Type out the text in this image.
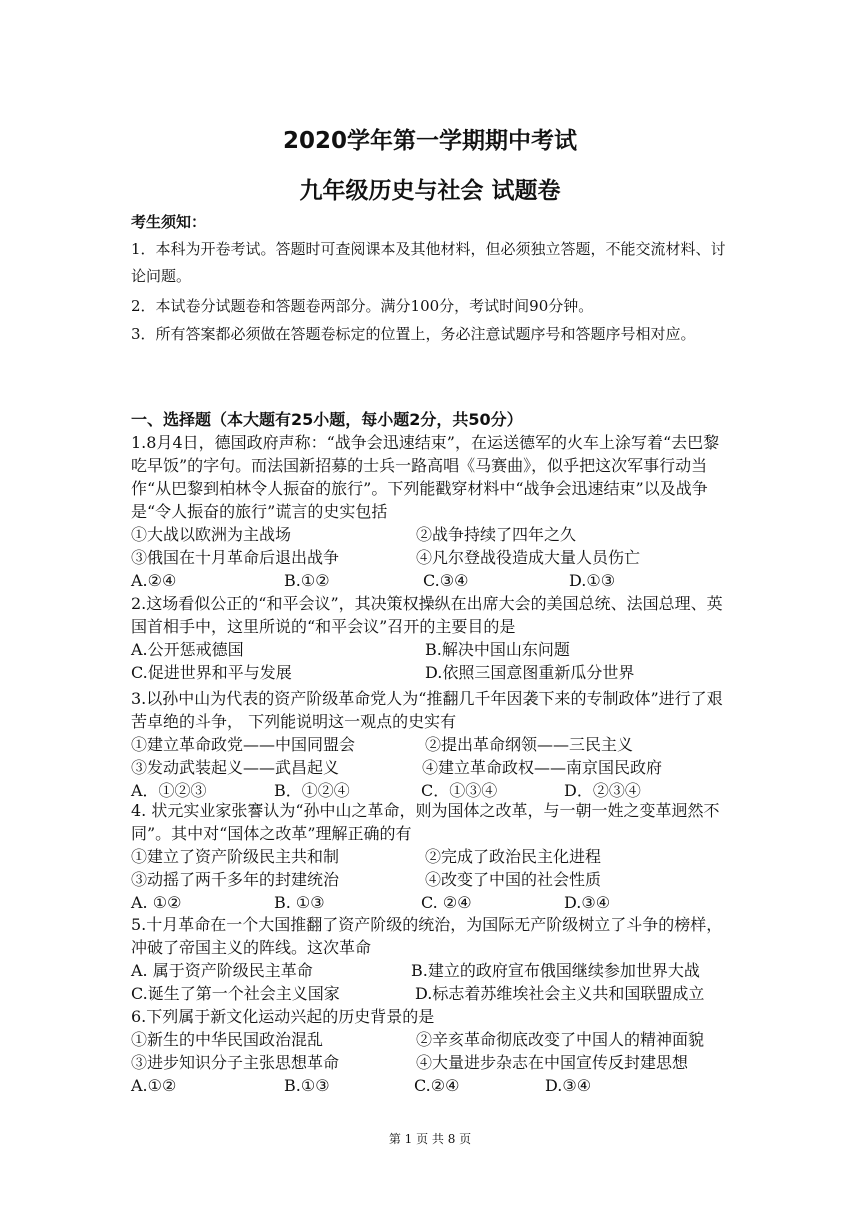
2020学年第一学期期中考试
九年级历史与社会 试题卷
考生须知：
1．本科为开卷考试。答题时可查阅课本及其他材料，但必须独立答题，不能交流材料、讨论问题。
2．本试卷分试题卷和答题卷两部分。满分100分，考试时间90分钟。
3．所有答案都必须做在答题卷标定的位置上，务必注意试题序号和答题序号相对应。
一、选择题（本大题有25小题，每小题2分，共50分）
1.8月4日，德国政府声称：“战争会迅速结束”，在运送德军的火车上涂写着“去巴黎吃早饭”的字句。而法国新招募的士兵一路高唱《马赛曲》，似乎把这次军事行动当作“从巴黎到柏林令人振奋的旅行”。下列能戳穿材料中“战争会迅速结束”以及战争是“令人振奋的旅行”谎言的史实包括
①大战以欧洲为主战场	②战争持续了四年之久
③俄国在十月革命后退出战争	④凡尔登战役造成大量人员伤亡
A.②④	B.①②	C.③④	D.①③
2.这场看似公正的“和平会议”，其决策权操纵在出席大会的美国总统、法国总理、英国首相手中，这里所说的“和平会议”召开的主要目的是
A.公开惩戒德国	B.解决中国山东问题
C.促进世界和平与发展	D.依照三国意图重新瓜分世界
3.以孙中山为代表的资产阶级革命党人为“推翻几千年因袭下来的专制政体”进行了艰苦卓绝的斗争， 下列能说明这一观点的史实有
①建立革命政党——中国同盟会	②提出革命纲领——三民主义
③发动武装起义——武昌起义	④建立革命政权——南京国民政府
A．①②③	B．①②④	C．①③④	D．②③④
4. 状元实业家张謇认为“孙中山之革命，则为国体之改革，与一朝一姓之变革迥然不同”。其中对“国体之改革”理解正确的有
①建立了资产阶级民主共和制	②完成了政治民主化进程
③动摇了两千多年的封建统治	④改变了中国的社会性质
A. ①②	B. ①③	C. ②④	D.③④
5.十月革命在一个大国推翻了资产阶级的统治，为国际无产阶级树立了斗争的榜样，冲破了帝国主义的阵线。这次革命
A. 属于资产阶级民主革命	B.建立的政府宣布俄国继续参加世界大战
C.诞生了第一个社会主义国家	D.标志着苏维埃社会主义共和国联盟成立
6.下列属于新文化运动兴起的历史背景的是
①新生的中华民国政治混乱	②辛亥革命彻底改变了中国人的精神面貌
③进步知识分子主张思想革命	④大量进步杂志在中国宣传反封建思想
A.①②	B.①③	C.②④	D.③④
第 1 页 共 8 页
